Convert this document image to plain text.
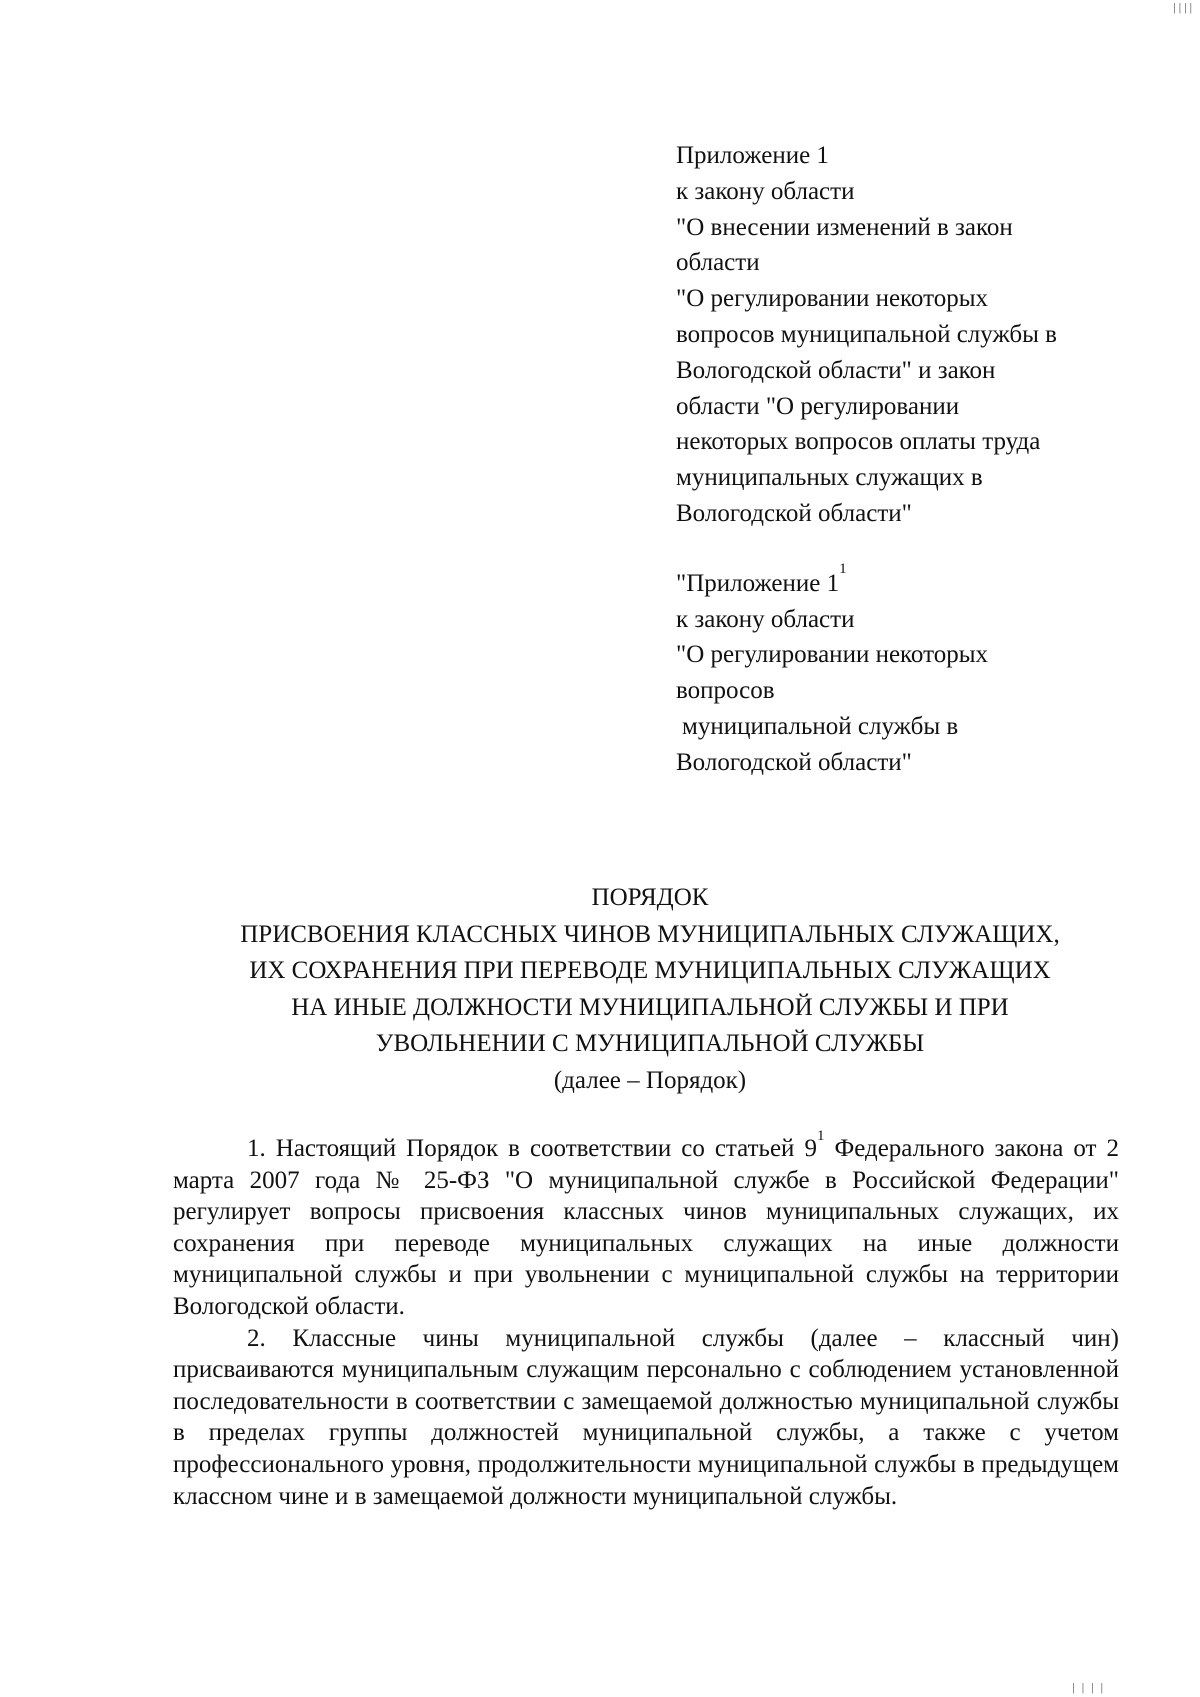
| | | |
Приложение 1
к закону области
"О внесении изменений в закон
области
"О регулировании некоторых
вопросов муниципальной службы в
Вологодской области" и закон
области "О регулировании
некоторых вопросов оплаты труда
муниципальных служащих в
Вологодской области"
"Приложение $1^1$
к закону области
"О регулировании некоторых
вопросов
муниципальной службы в
Вологодской области"
ПОРЯДОК
ПРИСВОЕНИЯ КЛАССНЫХ ЧИНОВ МУНИЦИПАЛЬНЫХ СЛУЖАЩИХ,
ИХ СОХРАНЕНИЯ ПРИ ПЕРЕВОДЕ МУНИЦИПАЛЬНЫХ СЛУЖАЩИХ
НА ИНЫЕ ДОЛЖНОСТИ МУНИЦИПАЛЬНОЙ СЛУЖБЫ И ПРИ
УВОЛЬНЕНИИ С МУНИЦИПАЛЬНОЙ СЛУЖБЫ
(далее – Порядок)

1. Настоящий Порядок в соответствии со статьей $9^1$ Федерального закона от 2 марта 2007 года № 25-ФЗ "О муниципальной службе в Российской Федерации" регулирует вопросы присвоения классных чинов муниципальных служащих, их сохранения при переводе муниципальных служащих на иные должности муниципальной службы и при увольнении с муниципальной службы на территории Вологодской области.

2. Классные чины муниципальной службы (далее – классный чин) присваиваются муниципальным служащим персонально с соблюдением установленной последовательности в соответствии с замещаемой должностью муниципальной службы в пределах группы должностей муниципальной службы, а также с учетом профессионального уровня, продолжительности муниципальной службы в предыдущем классном чине и в замещаемой должности муниципальной службы.

| | | |
